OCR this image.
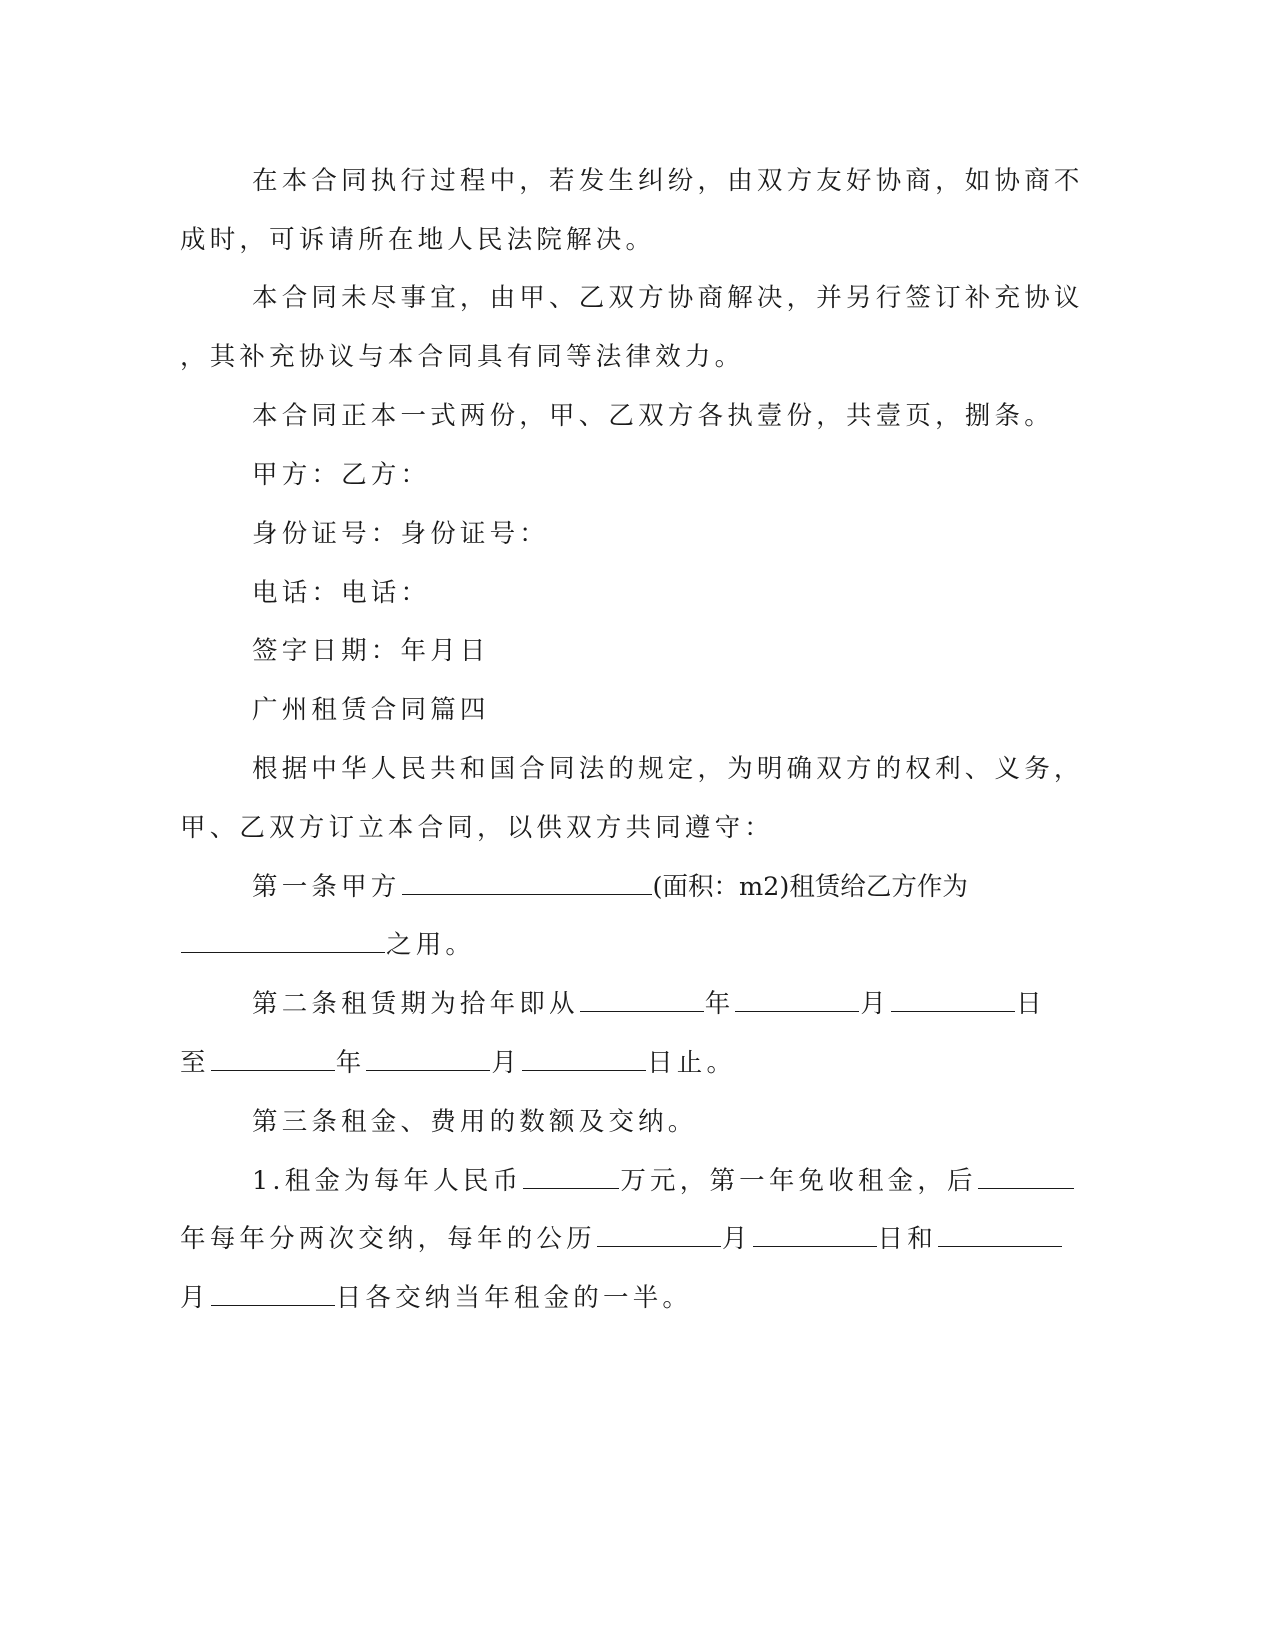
在本合同执行过程中，若发生纠纷，由双方友好协商，如协商不

成时，可诉请所在地人民法院解决。

本合同未尽事宜，由甲、乙双方协商解决，并另行签订补充协议

，其补充协议与本合同具有同等法律效力。

本合同正本一式两份，甲、乙双方各执壹份，共壹页，捌条。

甲方：乙方：

身份证号：身份证号：

电话：电话：

签字日期：年月日

广州租赁合同篇四

根据中华人民共和国合同法的规定，为明确双方的权利、义务，

甲、乙双方订立本合同，以供双方共同遵守：

第一条甲方	(面积：m2)租赁给乙方作为

之用。

第二条租赁期为拾年即从	年	月	日

至	年	月	日止。

第三条租金、费用的数额及交纳。

1.租金为每年人民币	万元，第一年免收租金，后

年每年分两次交纳，每年的公历	月	日和

月	日各交纳当年租金的一半。
